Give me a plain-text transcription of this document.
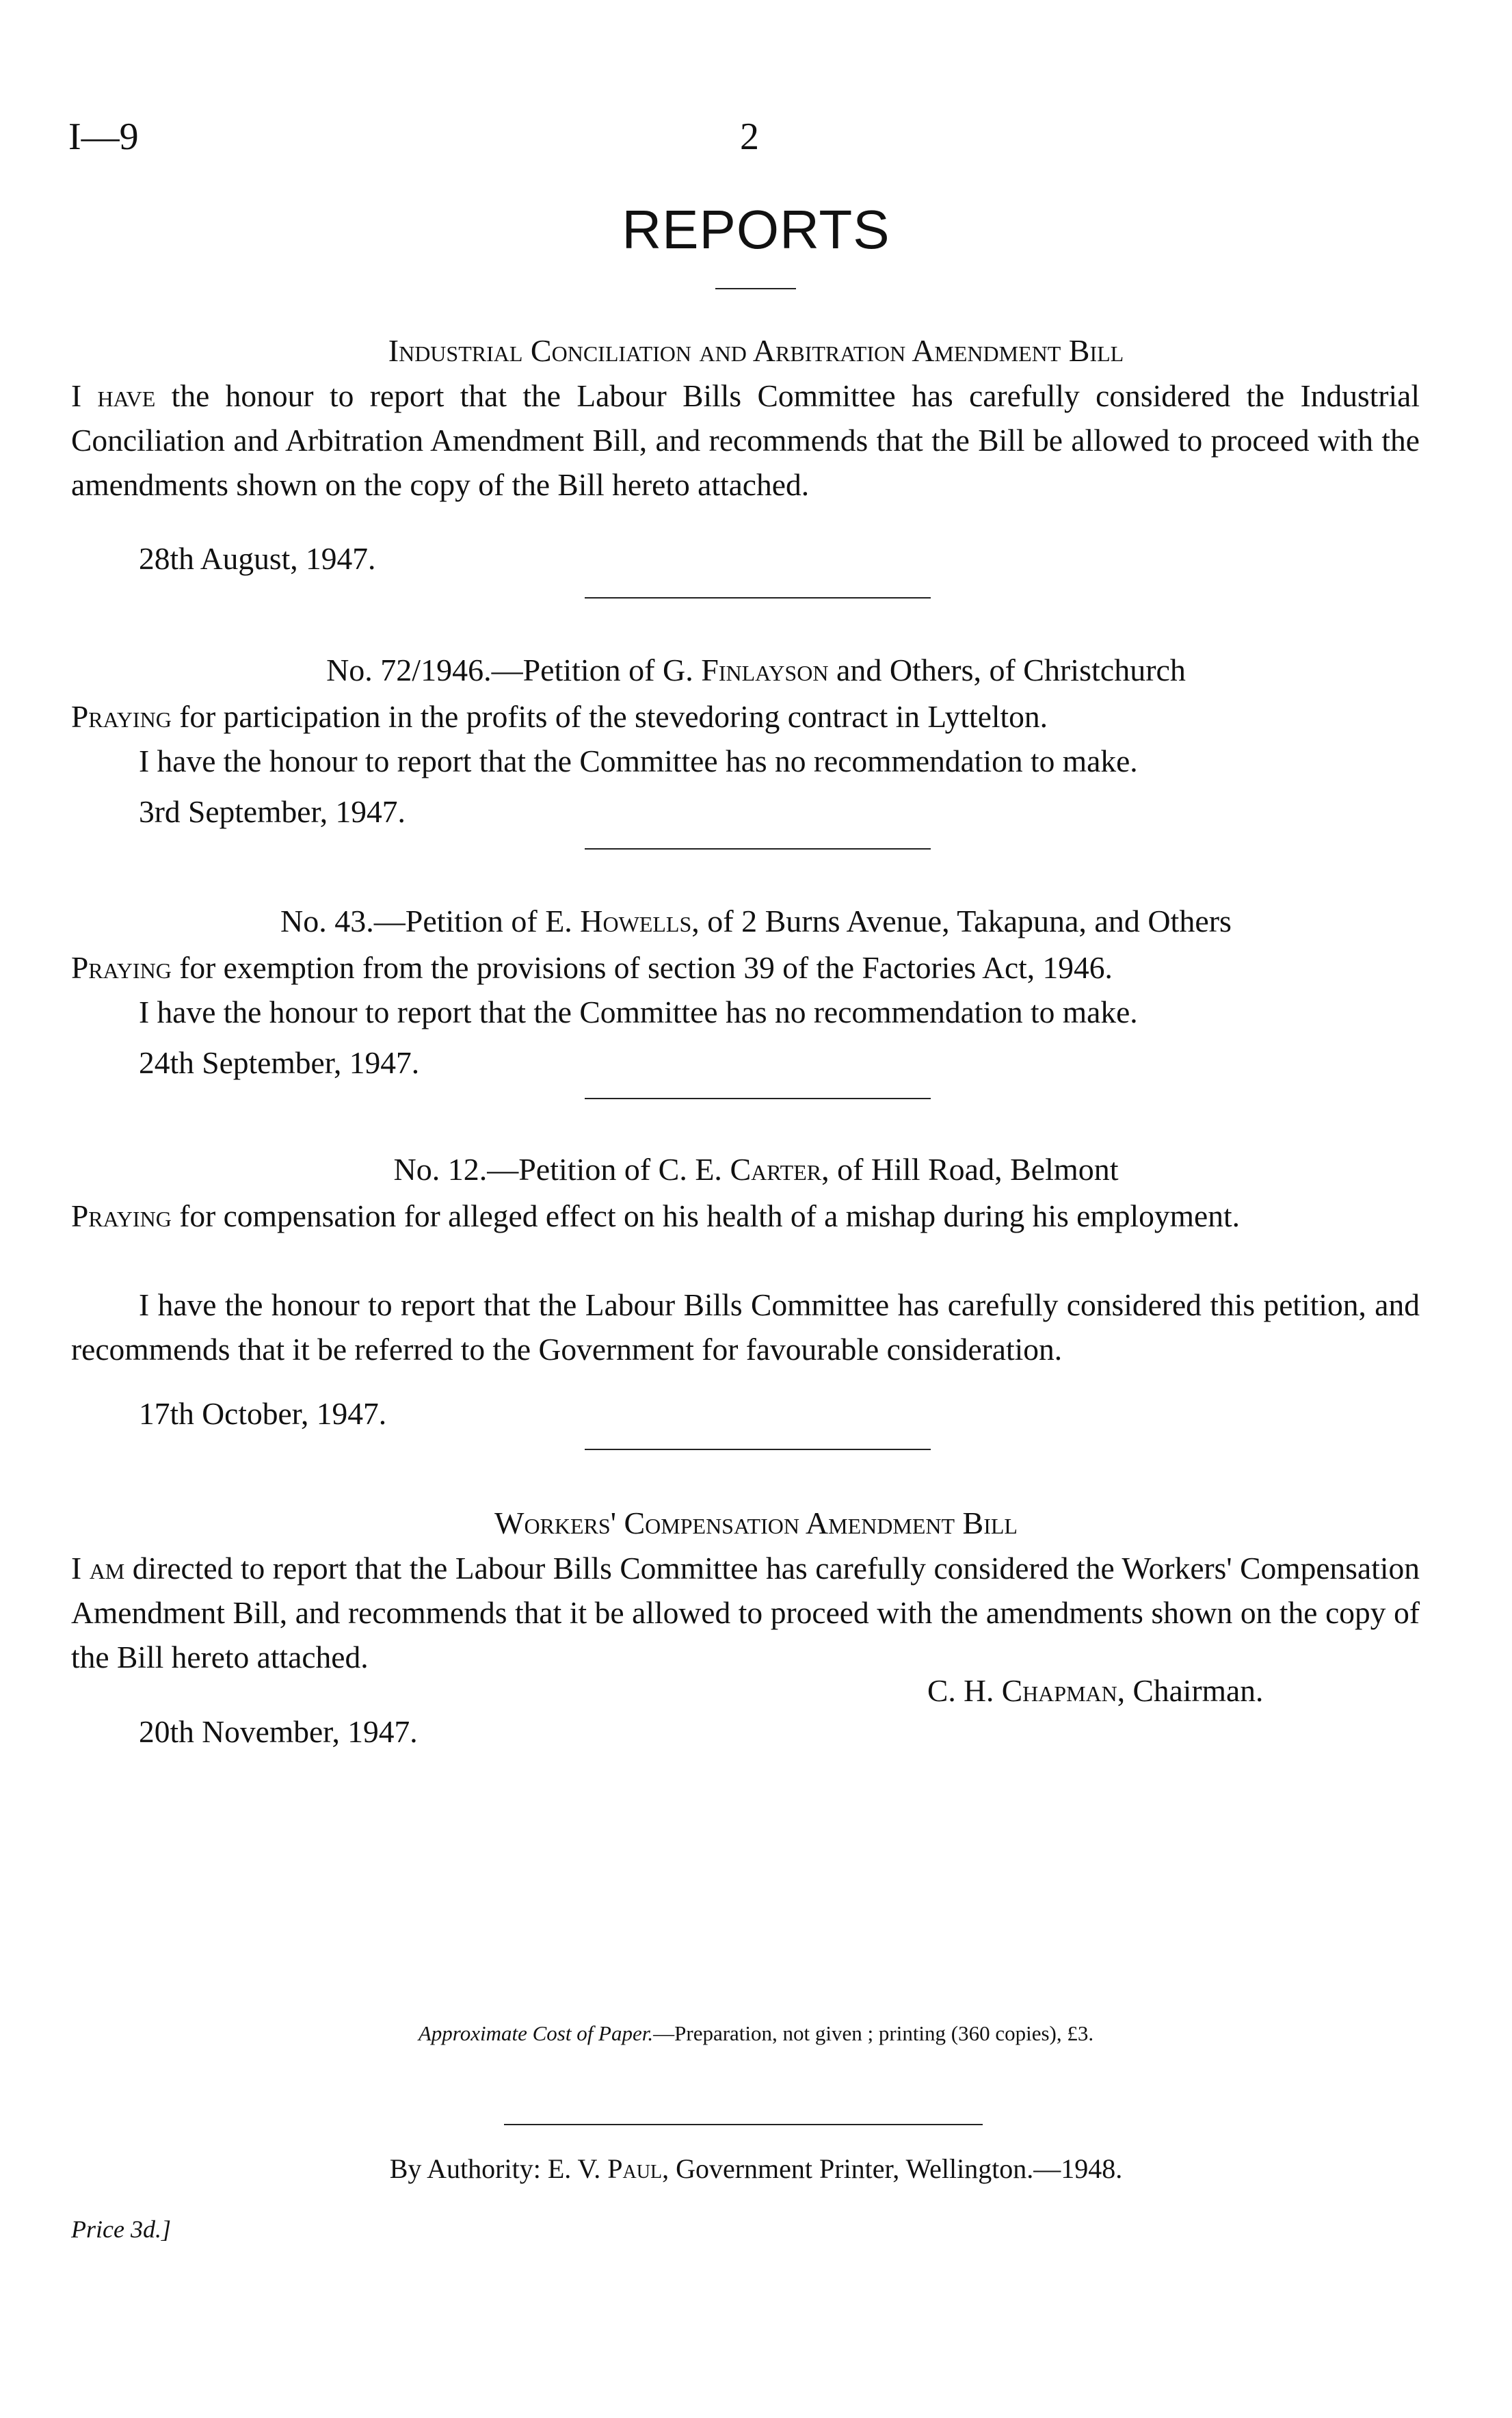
I—9	2
REPORTS
Industrial Conciliation and Arbitration Amendment Bill
I have the honour to report that the Labour Bills Committee has carefully considered the Industrial Conciliation and Arbitration Amendment Bill, and recommends that the Bill be allowed to proceed with the amendments shown on the copy of the Bill hereto attached.
28th August, 1947.
No. 72/1946.—Petition of G. Finlayson and Others, of Christchurch
Praying for participation in the profits of the stevedoring contract in Lyttelton.
I have the honour to report that the Committee has no recommendation to make.
3rd September, 1947.
No. 43.—Petition of E. Howells, of 2 Burns Avenue, Takapuna, and Others
Praying for exemption from the provisions of section 39 of the Factories Act, 1946.
I have the honour to report that the Committee has no recommendation to make.
24th September, 1947.
No. 12.—Petition of C. E. Carter, of Hill Road, Belmont
Praying for compensation for alleged effect on his health of a mishap during his employment.
I have the honour to report that the Labour Bills Committee has carefully considered this petition, and recommends that it be referred to the Government for favourable consideration.
17th October, 1947.
Workers' Compensation Amendment Bill
I am directed to report that the Labour Bills Committee has carefully considered the Workers' Compensation Amendment Bill, and recommends that it be allowed to proceed with the amendments shown on the copy of the Bill hereto attached.
C. H. Chapman, Chairman.
20th November, 1947.
Approximate Cost of Paper.—Preparation, not given ; printing (360 copies), £3.
By Authority: E. V. Paul, Government Printer, Wellington.—1948.
Price 3d.]
